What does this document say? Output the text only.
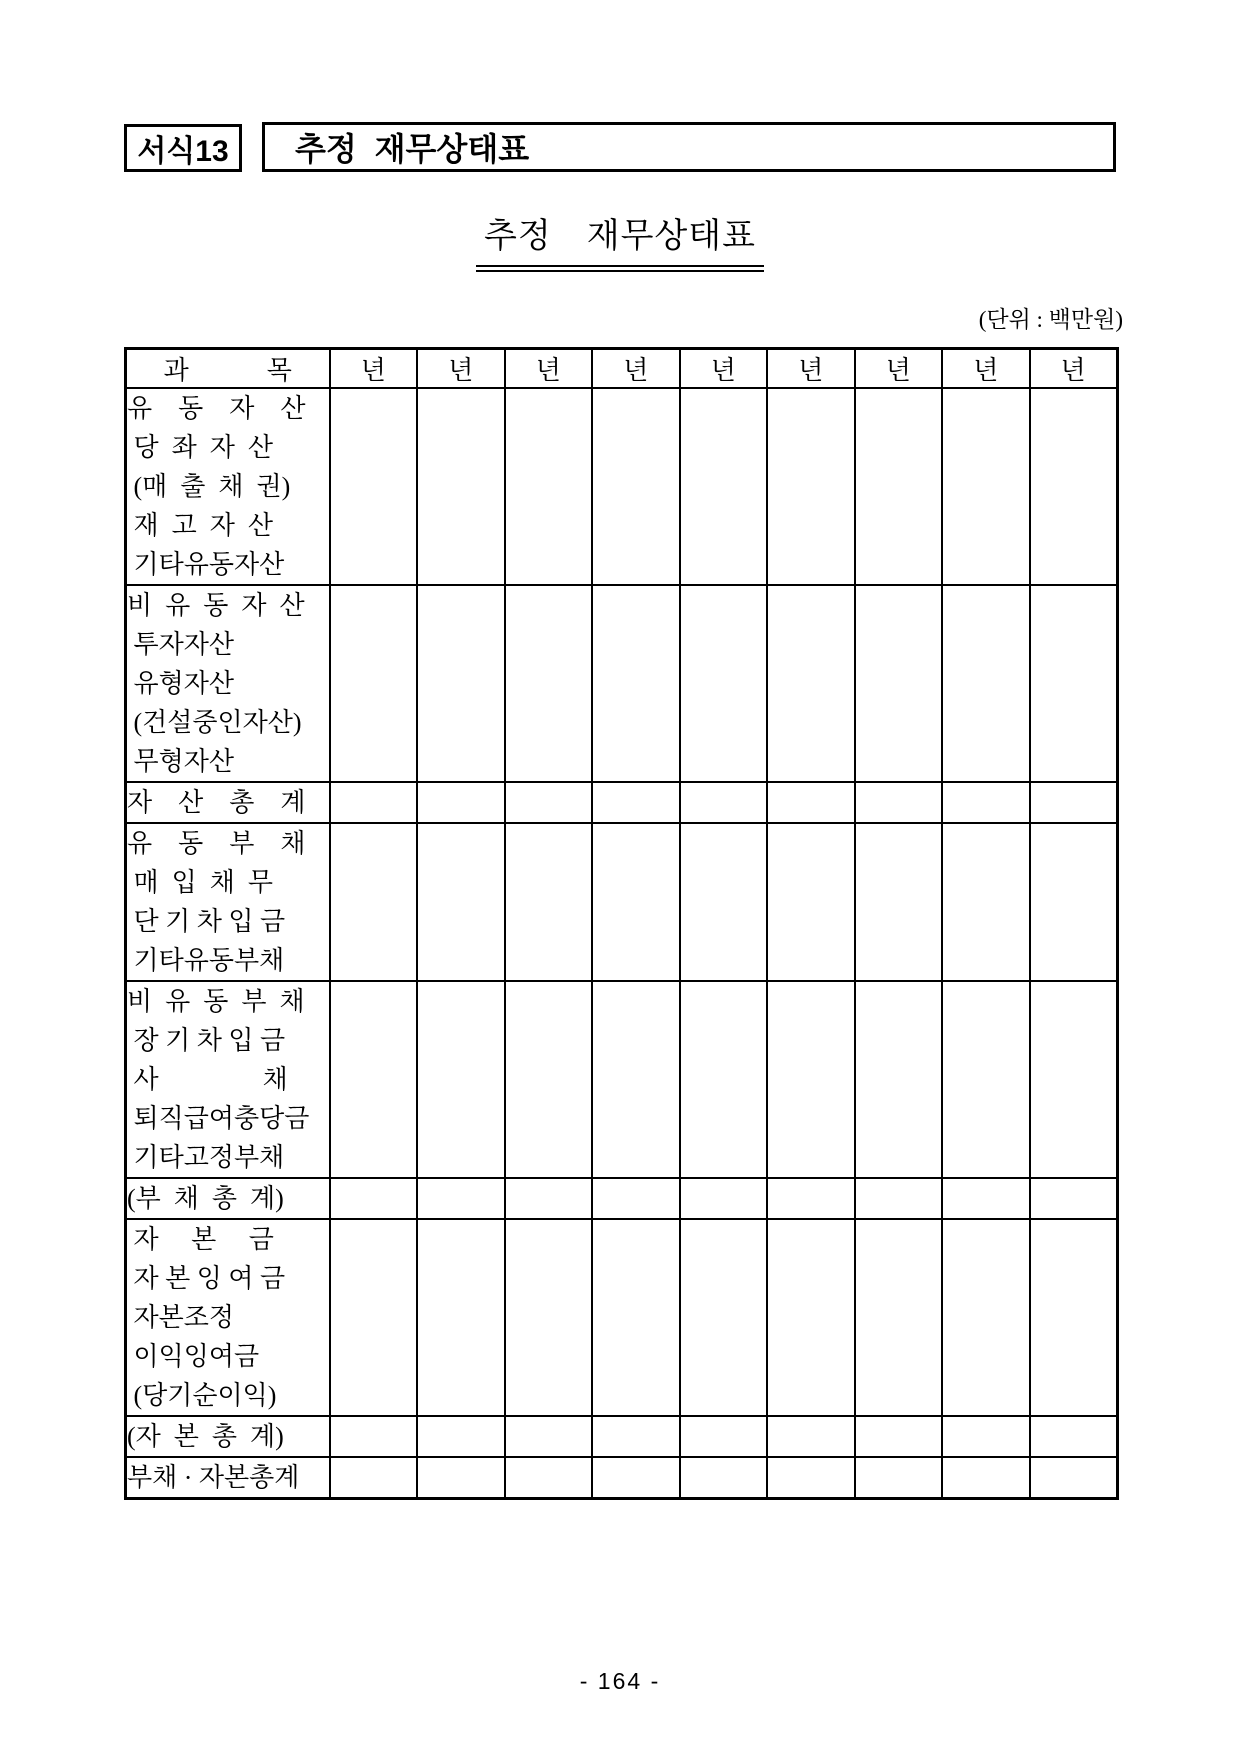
서식13 추정  재무상태표
추정　재무상태표
(단위 : 백만원)
과　　　목	년	년	년	년	년	년	년	년	년

유　동　자　산
당  좌  자  산
(매  출  채  권)
재  고  자  산
기타유동자산									

비  유  동  자  산
투자자산
유형자산
(건설중인자산)
무형자산									

자　산　총　계									

유　동　부　채
매  입  채  무
단 기 차 입 금
기타유동부채									

비  유  동  부  채
장 기 차 입 금
사　　　　채
퇴직급여충당금
기타고정부채									

(부  채  총  계)									

자　 본　 금
자 본 잉 여 금
자본조정
이익잉여금
(당기순이익)									

(자  본  총  계)									

부채 · 자본총계									

- 164 -
